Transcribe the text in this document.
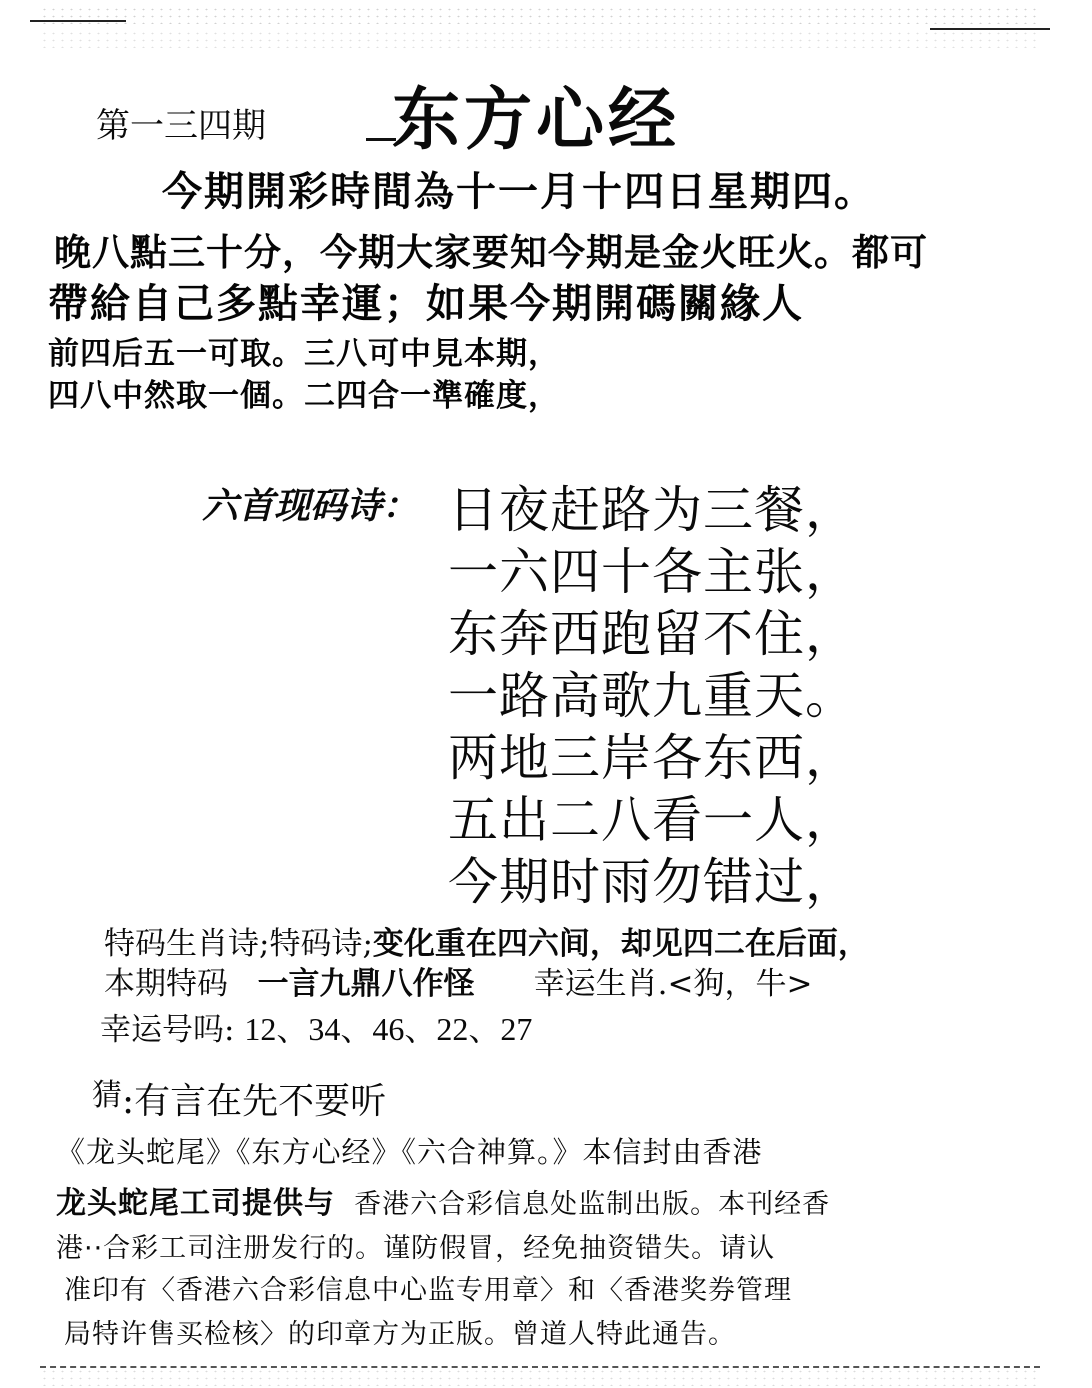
第一三四期 东方心经
今期開彩時間為十一月十四日星期四。
晚八點三十分，今期大家要知今期是金火旺火。都可
帶給自己多點幸運；如果今期開碼關緣人
前四后五一可取。三八可中見本期，
四八中然取一個。二四合一準確度，
六首现码诗： 日夜赶路为三餐，
一六四十各主张，
东奔西跑留不住，
一路高歌九重天。
两地三岸各东西，
五出二八看一人，
今期时雨勿错过，
特码生肖诗;特码诗;变化重在四六间，却见四二在后面，
本期特码 一言九鼎八作怪 幸运生肖.<狗，牛>
幸运号吗: 12、34、46、22、27
$^猜$:有言在先不要听
《龙头蛇尾》《东方心经》《六合神算。》本信封由香港
龙头蛇尾工司提供与 香港六合彩信息处监制出版。本刊经香
港··合彩工司注册发行的。谨防假冒，经免抽资错失。请认
准印有〈香港六合彩信息中心监专用章〉和〈香港奖券管理
局特许售买检核〉的印章方为正版。曾道人特此通告。
